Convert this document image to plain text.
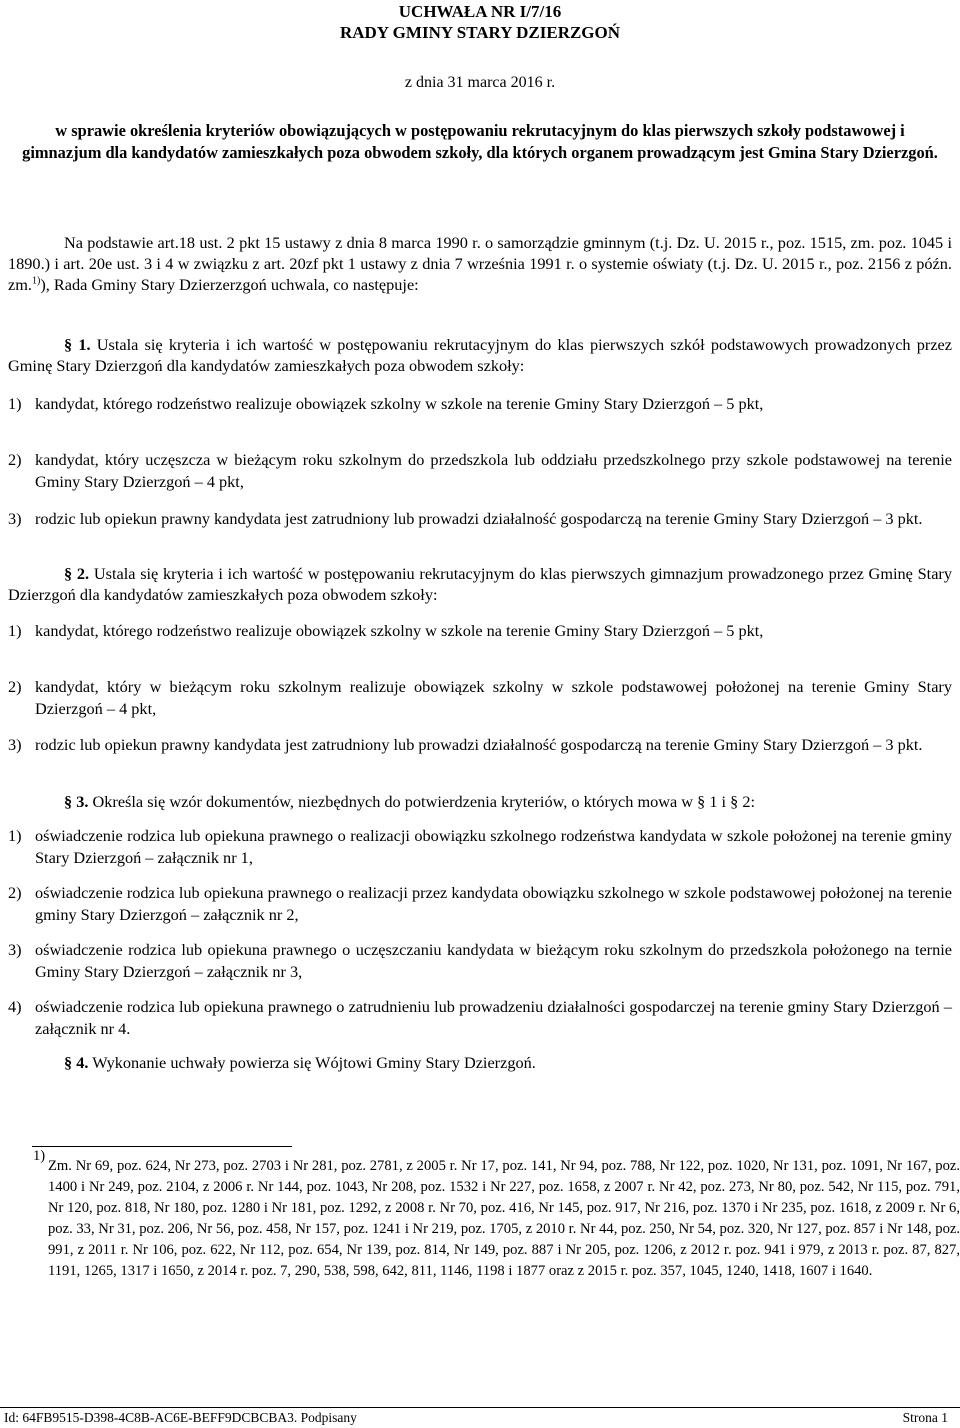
UCHWAŁA NR I/7/16
RADY GMINY STARY DZIERZGOŃ
z dnia 31 marca 2016 r.
w sprawie określenia kryteriów obowiązujących w postępowaniu rekrutacyjnym do klas pierwszych szkoły podstawowej i gimnazjum dla kandydatów zamieszkałych poza obwodem szkoły, dla których organem prowadzącym jest Gmina Stary Dzierzgoń.
Na podstawie art.18 ust. 2 pkt 15 ustawy z dnia 8 marca 1990 r. o samorządzie gminnym (t.j. Dz. U. 2015 r., poz. 1515, zm. poz. 1045 i 1890.) i art. 20e ust. 3 i 4 w związku z art. 20zf pkt 1 ustawy z dnia 7 września 1991 r. o systemie oświaty (t.j. Dz. U. 2015 r., poz. 2156 z późn. zm.$^{1)}$), Rada Gminy Stary Dzierzerzgoń uchwala, co następuje:
§ 1. Ustala się kryteria i ich wartość w postępowaniu rekrutacyjnym do klas pierwszych szkół podstawowych prowadzonych przez Gminę Stary Dzierzgoń dla kandydatów zamieszkałych poza obwodem szkoły:
1) kandydat, którego rodzeństwo realizuje obowiązek szkolny w szkole na terenie Gminy Stary Dzierzgoń – 5 pkt,
2) kandydat, który uczęszcza w bieżącym roku szkolnym do przedszkola lub oddziału przedszkolnego przy szkole podstawowej na terenie Gminy Stary Dzierzgoń – 4 pkt,
3) rodzic lub opiekun prawny kandydata jest zatrudniony lub prowadzi działalność gospodarczą na terenie Gminy Stary Dzierzgoń – 3 pkt.
§ 2. Ustala się kryteria i ich wartość w postępowaniu rekrutacyjnym do klas pierwszych gimnazjum prowadzonego przez Gminę Stary Dzierzgoń dla kandydatów zamieszkałych poza obwodem szkoły:
1) kandydat, którego rodzeństwo realizuje obowiązek szkolny w szkole na terenie Gminy Stary Dzierzgoń – 5 pkt,
2) kandydat, który w bieżącym roku szkolnym realizuje obowiązek szkolny w szkole podstawowej położonej na terenie Gminy Stary Dzierzgoń – 4 pkt,
3) rodzic lub opiekun prawny kandydata jest zatrudniony lub prowadzi działalność gospodarczą na terenie Gminy Stary Dzierzgoń – 3 pkt.
§ 3. Określa się wzór dokumentów, niezbędnych do potwierdzenia kryteriów, o których mowa w § 1 i § 2:
1) oświadczenie rodzica lub opiekuna prawnego o realizacji obowiązku szkolnego rodzeństwa kandydata w szkole położonej na terenie gminy Stary Dzierzgoń – załącznik nr 1,
2) oświadczenie rodzica lub opiekuna prawnego o realizacji przez kandydata obowiązku szkolnego w szkole podstawowej położonej na terenie gminy Stary Dzierzgoń – załącznik nr 2,
3) oświadczenie rodzica lub opiekuna prawnego o uczęszczaniu kandydata w bieżącym roku szkolnym do przedszkola położonego na ternie Gminy Stary Dzierzgoń – załącznik nr 3,
4) oświadczenie rodzica lub opiekuna prawnego o zatrudnieniu lub prowadzeniu działalności gospodarczej na terenie gminy Stary Dzierzgoń – załącznik nr 4.
§ 4. Wykonanie uchwały powierza się Wójtowi Gminy Stary Dzierzgoń.
1)
Zm. Nr 69, poz. 624, Nr 273, poz. 2703 i Nr 281, poz. 2781, z 2005 r. Nr 17, poz. 141, Nr 94, poz. 788, Nr 122, poz. 1020, Nr 131, poz. 1091, Nr 167, poz. 1400 i Nr 249, poz. 2104, z 2006 r. Nr 144, poz. 1043, Nr 208, poz. 1532 i Nr 227, poz. 1658, z 2007 r. Nr 42, poz. 273, Nr 80, poz. 542, Nr 115, poz. 791, Nr 120, poz. 818, Nr 180, poz. 1280 i Nr 181, poz. 1292, z 2008 r. Nr 70, poz. 416, Nr 145, poz. 917, Nr 216, poz. 1370 i Nr 235, poz. 1618, z 2009 r. Nr 6, poz. 33, Nr 31, poz. 206, Nr 56, poz. 458, Nr 157, poz. 1241 i Nr 219, poz. 1705, z 2010 r. Nr 44, poz. 250, Nr 54, poz. 320, Nr 127, poz. 857 i Nr 148, poz. 991, z 2011 r. Nr 106, poz. 622, Nr 112, poz. 654, Nr 139, poz. 814, Nr 149, poz. 887 i Nr 205, poz. 1206, z 2012 r. poz. 941 i 979, z 2013 r. poz. 87, 827, 1191, 1265, 1317 i 1650, z 2014 r. poz. 7, 290, 538, 598, 642, 811, 1146, 1198 i 1877 oraz z 2015 r. poz. 357, 1045, 1240, 1418, 1607 i 1640.
Id: 64FB9515-D398-4C8B-AC6E-BEFF9DCBCBA3. Podpisany	Strona 1
